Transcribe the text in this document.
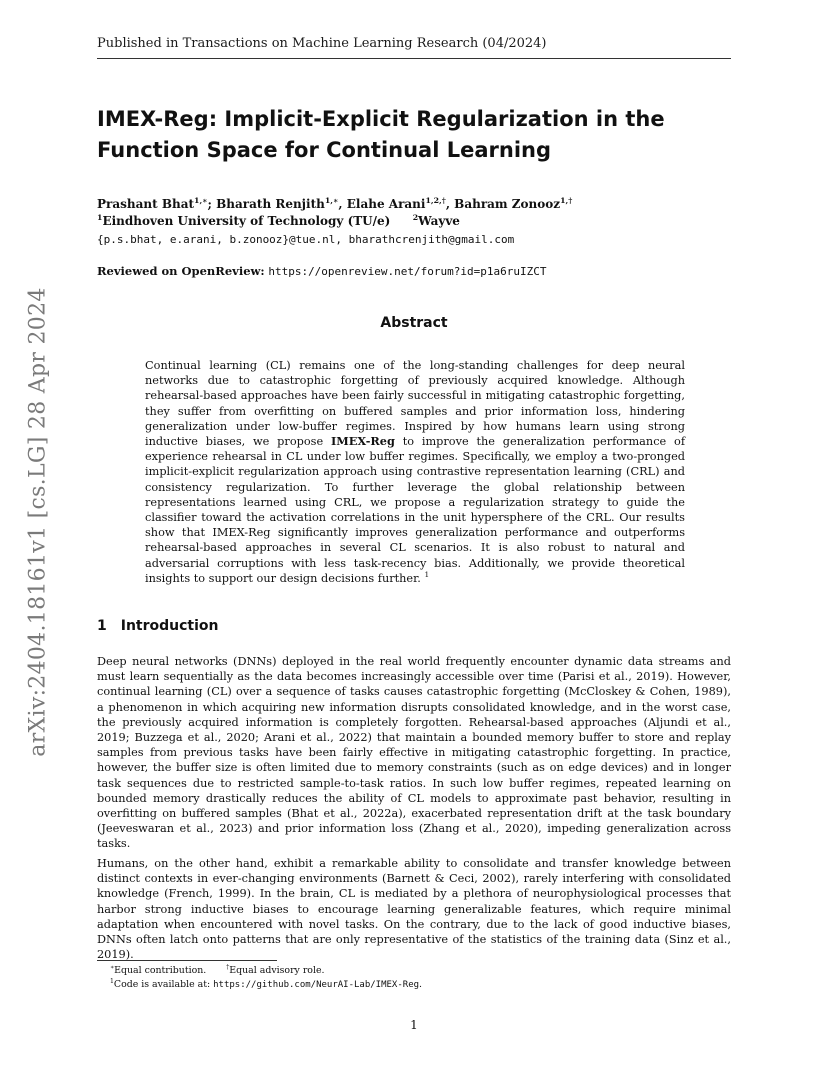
arXiv:2404.18161v1 [cs.LG] 28 Apr 2024
Published in Transactions on Machine Learning Research (04/2024)
IMEX-Reg: Implicit-Explicit Regularization in the Function Space for Continual Learning
Prashant Bhat$^{1,∗}$; Bharath Renjith$^{1,∗}$, Elahe Arani$^{1,2,\dagger}$, Bahram Zonooz$^{1,\dagger}$
$^1$Eindhoven University of Technology (TU/e)	$^2$Wayve
{p.s.bhat, e.arani, b.zonooz}@tue.nl, bharathcrenjith@gmail.com
Reviewed on OpenReview: https://openreview.net/forum?id=p1a6ruIZCT
Abstract
Continual learning (CL) remains one of the long-standing challenges for deep neural networks due to catastrophic forgetting of previously acquired knowledge. Although rehearsal-based approaches have been fairly successful in mitigating catastrophic forgetting, they suffer from overfitting on buffered samples and prior information loss, hindering generalization under low-buffer regimes. Inspired by how humans learn using strong inductive biases, we propose IMEX-Reg to improve the generalization performance of experience rehearsal in CL under low buffer regimes. Specifically, we employ a two-pronged implicit-explicit regularization approach using contrastive representation learning (CRL) and consistency regularization. To further leverage the global relationship between representations learned using CRL, we propose a regularization strategy to guide the classifier toward the activation correlations in the unit hypersphere of the CRL. Our results show that IMEX-Reg significantly improves generalization performance and outperforms rehearsal-based approaches in several CL scenarios. It is also robust to natural and adversarial corruptions with less task-recency bias. Additionally, we provide theoretical insights to support our design decisions further. $^1$
1 Introduction
Deep neural networks (DNNs) deployed in the real world frequently encounter dynamic data streams and must learn sequentially as the data becomes increasingly accessible over time (Parisi et al., 2019). However, continual learning (CL) over a sequence of tasks causes catastrophic forgetting (McCloskey & Cohen, 1989), a phenomenon in which acquiring new information disrupts consolidated knowledge, and in the worst case, the previously acquired information is completely forgotten. Rehearsal-based approaches (Aljundi et al., 2019; Buzzega et al., 2020; Arani et al., 2022) that maintain a bounded memory buffer to store and replay samples from previous tasks have been fairly effective in mitigating catastrophic forgetting. In practice, however, the buffer size is often limited due to memory constraints (such as on edge devices) and in longer task sequences due to restricted sample-to-task ratios. In such low buffer regimes, repeated learning on bounded memory drastically reduces the ability of CL models to approximate past behavior, resulting in overfitting on buffered samples (Bhat et al., 2022a), exacerbated representation drift at the task boundary (Jeeveswaran et al., 2023) and prior information loss (Zhang et al., 2020), impeding generalization across tasks.
Humans, on the other hand, exhibit a remarkable ability to consolidate and transfer knowledge between distinct contexts in ever-changing environments (Barnett & Ceci, 2002), rarely interfering with consolidated knowledge (French, 1999). In the brain, CL is mediated by a plethora of neurophysiological processes that harbor strong inductive biases to encourage learning generalizable features, which require minimal adaptation when encountered with novel tasks. On the contrary, due to the lack of good inductive biases, DNNs often latch onto patterns that are only representative of the statistics of the training data (Sinz et al., 2019).
∗Equal contribution.	†Equal advisory role.
$^1$Code is available at: https://github.com/NeurAI-Lab/IMEX-Reg.
1
